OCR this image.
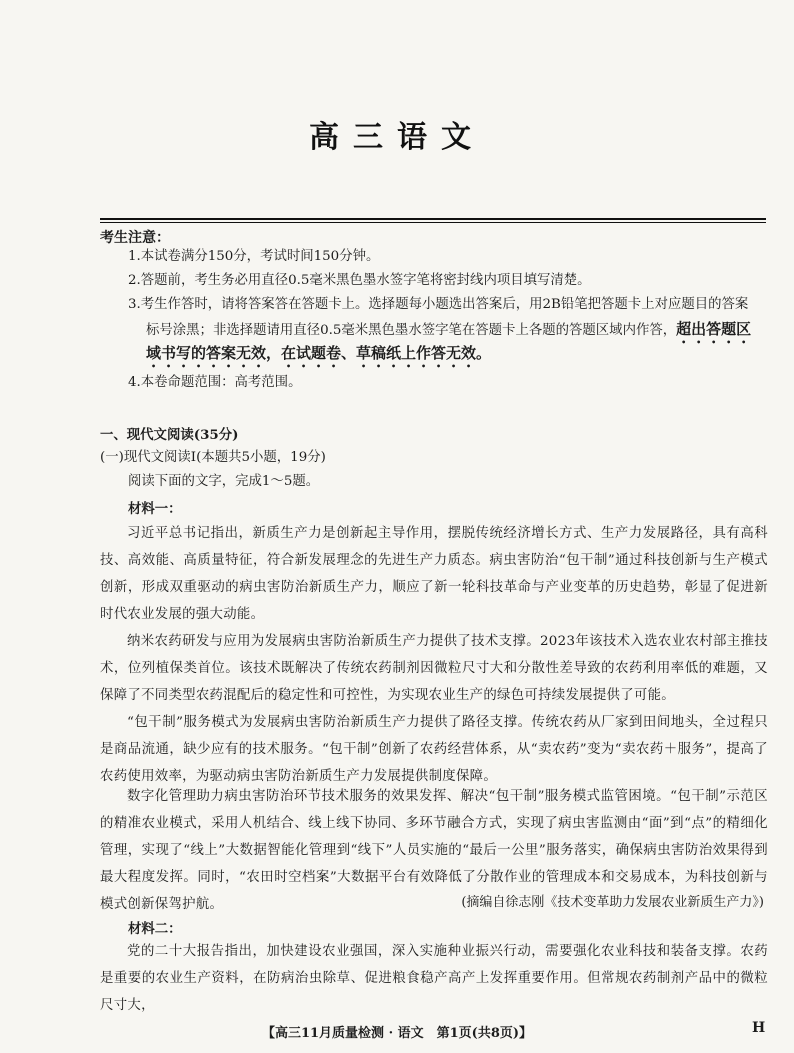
高三语文
考生注意：
1.本试卷满分150分，考试时间150分钟。
2.答题前，考生务必用直径0.5毫米黑色墨水签字笔将密封线内项目填写清楚。
3.考生作答时，请将答案答在答题卡上。选择题每小题选出答案后，用2B铅笔把答题卡上对应题目的答案
标号涂黑；非选择题请用直径0.5毫米黑色墨水签字笔在答题卡上各题的答题区域内作答，超出答题区
域书写的答案无效，在试题卷、草稿纸上作答无效。
4.本卷命题范围：高考范围。
一、现代文阅读(35分)
(一)现代文阅读Ⅰ(本题共5小题，19分)
阅读下面的文字，完成1～5题。
材料一：
习近平总书记指出，新质生产力是创新起主导作用，摆脱传统经济增长方式、生产力发展路径，具有高科技、高效能、高质量特征，符合新发展理念的先进生产力质态。病虫害防治“包干制”通过科技创新与生产模式创新，形成双重驱动的病虫害防治新质生产力，顺应了新一轮科技革命与产业变革的历史趋势，彰显了促进新时代农业发展的强大动能。
纳米农药研发与应用为发展病虫害防治新质生产力提供了技术支撑。2023年该技术入选农业农村部主推技术，位列植保类首位。该技术既解决了传统农药制剂因微粒尺寸大和分散性差导致的农药利用率低的难题，又保障了不同类型农药混配后的稳定性和可控性，为实现农业生产的绿色可持续发展提供了可能。
“包干制”服务模式为发展病虫害防治新质生产力提供了路径支撑。传统农药从厂家到田间地头，全过程只是商品流通，缺少应有的技术服务。“包干制”创新了农药经营体系，从“卖农药”变为“卖农药＋服务”，提高了农药使用效率，为驱动病虫害防治新质生产力发展提供制度保障。
数字化管理助力病虫害防治环节技术服务的效果发挥、解决“包干制”服务模式监管困境。“包干制”示范区的精准农业模式，采用人机结合、线上线下协同、多环节融合方式，实现了病虫害监测由“面”到“点”的精细化管理，实现了“线上”大数据智能化管理到“线下”人员实施的“最后一公里”服务落实，确保病虫害防治效果得到最大程度发挥。同时，“农田时空档案”大数据平台有效降低了分散作业的管理成本和交易成本，为科技创新与模式创新保驾护航。	(摘编自徐志刚《技术变革助力发展农业新质生产力》)
材料二：
党的二十大报告指出，加快建设农业强国，深入实施种业振兴行动，需要强化农业科技和装备支撑。农药是重要的农业生产资料，在防病治虫除草、促进粮食稳产高产上发挥重要作用。但常规农药制剂产品中的微粒尺寸大，
【高三11月质量检测 · 语文　第1页(共8页)】	H
